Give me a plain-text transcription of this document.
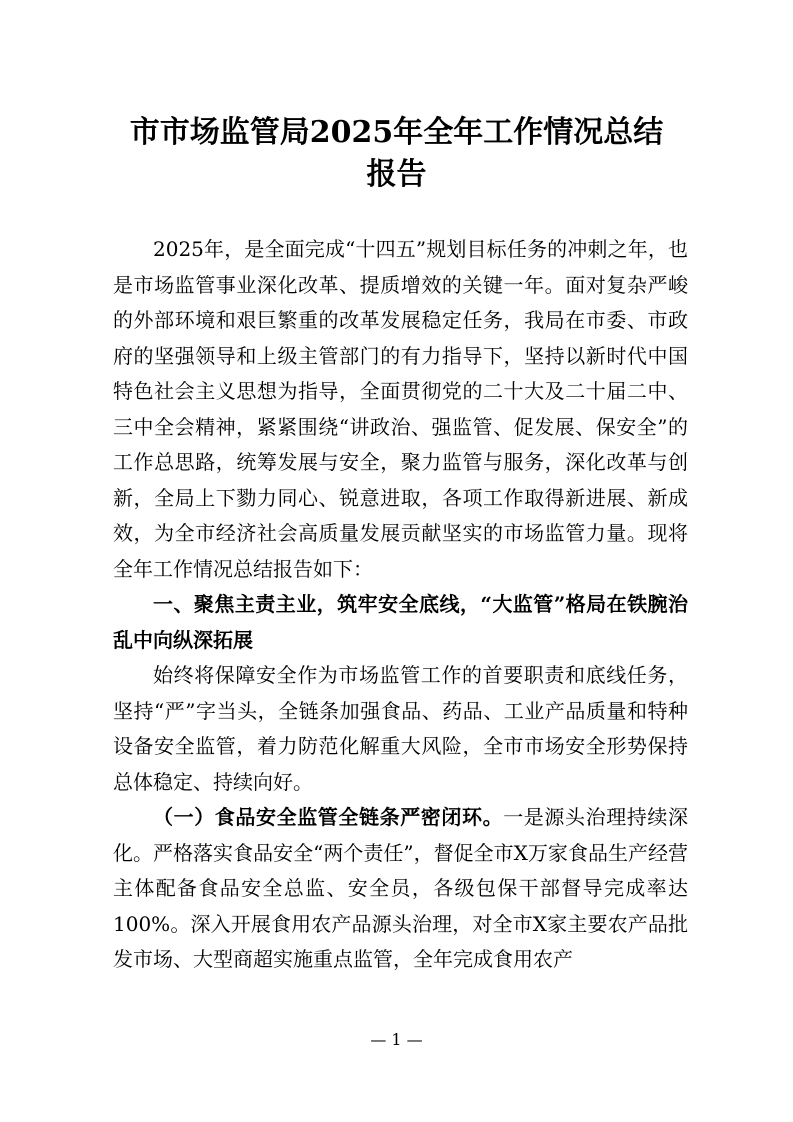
市市场监管局2025年全年工作情况总结
报告

2025年，是全面完成“十四五”规划目标任务的冲刺之年，也是市场监管事业深化改革、提质增效的关键一年。面对复杂严峻的外部环境和艰巨繁重的改革发展稳定任务，我局在市委、市政府的坚强领导和上级主管部门的有力指导下，坚持以新时代中国特色社会主义思想为指导，全面贯彻党的二十大及二十届二中、三中全会精神，紧紧围绕“讲政治、强监管、促发展、保安全”的工作总思路，统筹发展与安全，聚力监管与服务，深化改革与创新，全局上下勠力同心、锐意进取，各项工作取得新进展、新成效，为全市经济社会高质量发展贡献坚实的市场监管力量。现将全年工作情况总结报告如下：

一、聚焦主责主业，筑牢安全底线，“大监管”格局在铁腕治乱中向纵深拓展

始终将保障安全作为市场监管工作的首要职责和底线任务，坚持“严”字当头，全链条加强食品、药品、工业产品质量和特种设备安全监管，着力防范化解重大风险，全市市场安全形势保持总体稳定、持续向好。

（一）食品安全监管全链条严密闭环。一是源头治理持续深化。严格落实食品安全“两个责任”，督促全市X万家食品生产经营主体配备食品安全总监、安全员，各级包保干部督导完成率达100%。深入开展食用农产品源头治理，对全市X家主要农产品批发市场、大型商超实施重点监管，全年完成食用农产

— 1 —
